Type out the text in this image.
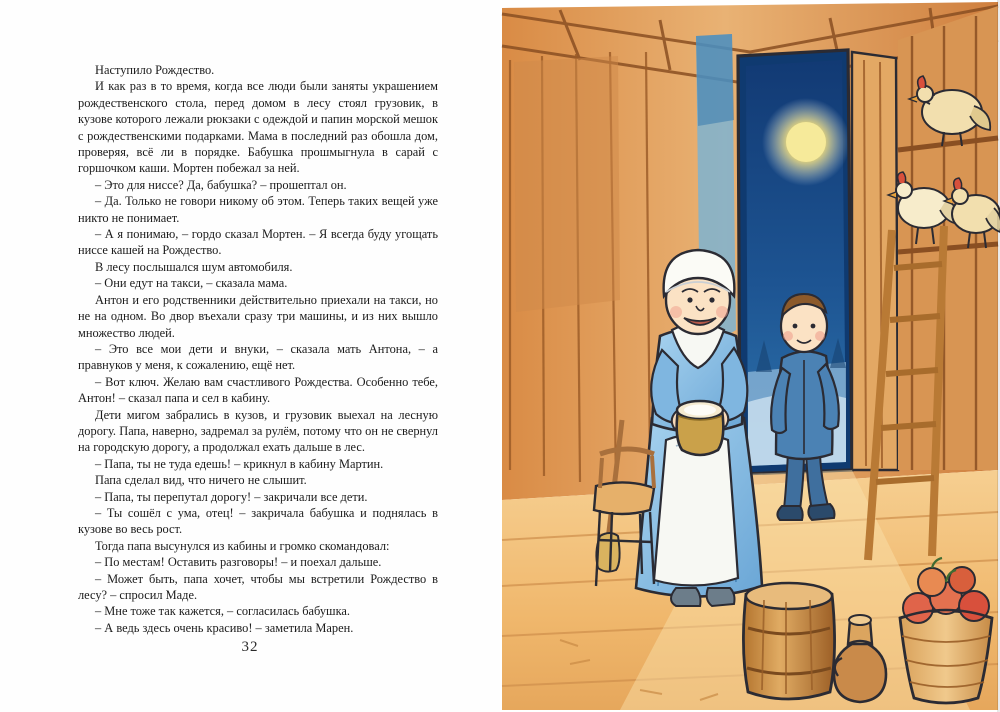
Наступило Рождество.

И как раз в то время, когда все люди были заняты украшением рождественского стола, перед домом в лесу стоял грузовик, в кузове которого лежали рюкзаки с одеждой и папин морской мешок с рождественскими подарками. Мама в последний раз обошла дом, проверяя, всё ли в порядке. Бабушка прошмыгнула в сарай с горшочком каши. Мортен побежал за ней.

– Это для ниссе? Да, бабушка? – прошептал он.

– Да. Только не говори никому об этом. Теперь таких вещей уже никто не понимает.

– А я понимаю, – гордо сказал Мортен. – Я всегда буду угощать ниссе кашей на Рождество.

В лесу послышался шум автомобиля.

– Они едут на такси, – сказала мама.

Антон и его родственники действительно приехали на такси, но не на одном. Во двор въехали сразу три машины, и из них вышло множество людей.

– Это все мои дети и внуки, – сказала мать Антона, – а правнуков у меня, к сожалению, ещё нет.

– Вот ключ. Желаю вам счастливого Рождества. Особенно тебе, Антон! – сказал папа и сел в кабину.

Дети мигом забрались в кузов, и грузовик выехал на лесную дорогу. Папа, наверно, задремал за рулём, потому что он не свернул на городскую дорогу, а продолжал ехать дальше в лес.

– Папа, ты не туда едешь! – крикнул в кабину Мартин.

Папа сделал вид, что ничего не слышит.

– Папа, ты перепутал дорогу! – закричали все дети.

– Ты сошёл с ума, отец! – закричала бабушка и поднялась в кузове во весь рост.

Тогда папа высунулся из кабины и громко скомандовал:

– По местам! Оставить разговоры! – и поехал дальше.

– Может быть, папа хочет, чтобы мы встретили Рождество в лесу? – спросил Маде.

– Мне тоже так кажется, – согласилась бабушка.

– А ведь здесь очень красиво! – заметила Марен.

32
